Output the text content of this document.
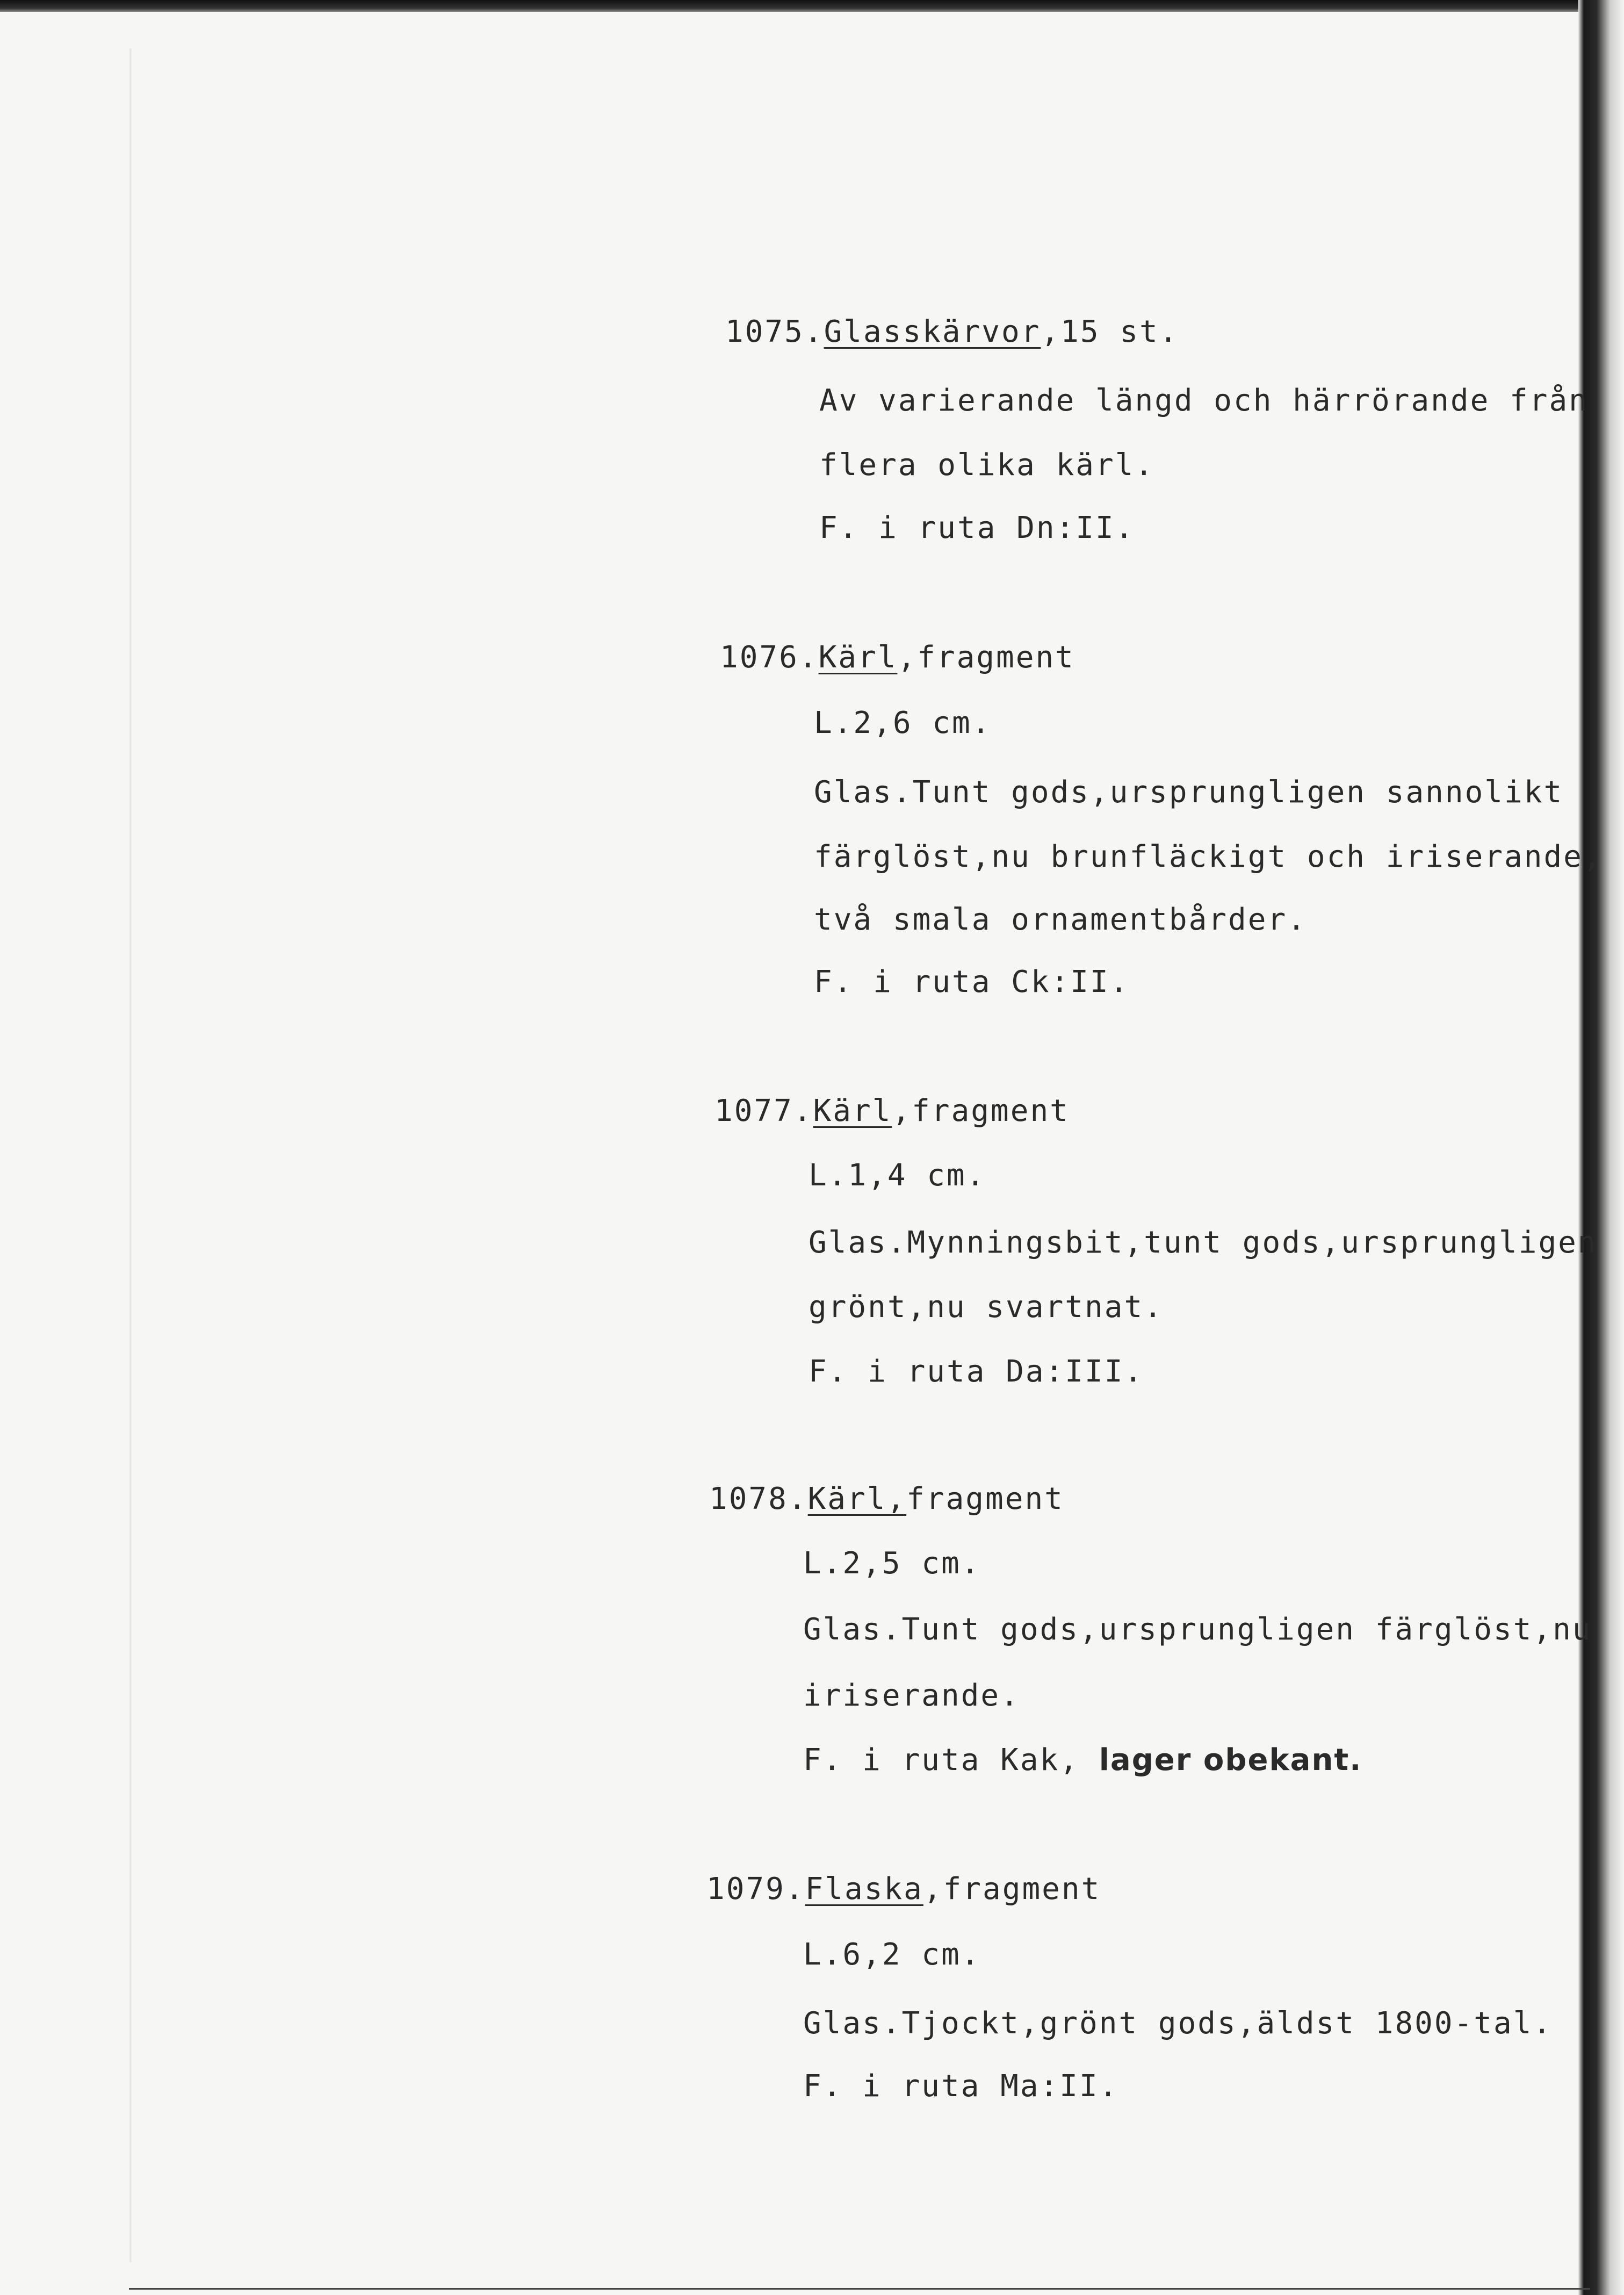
1075.Glasskärvor,15 st.
Av varierande längd och härrörande från
flera olika kärl.
F. i ruta Dn:II.
1076.Kärl,fragment
L.2,6 cm.
Glas.Tunt gods,ursprungligen sannolikt
färglöst,nu brunfläckigt och iriserande,
två smala ornamentbårder.
F. i ruta Ck:II.
1077.Kärl,fragment
L.1,4 cm.
Glas.Mynningsbit,tunt gods,ursprungligen
grönt,nu svartnat.
F. i ruta Da:III.
1078.Kärl,fragment
L.2,5 cm.
Glas.Tunt gods,ursprungligen färglöst,nu
iriserande.
F. i ruta Kak, lager obekant.
1079.Flaska,fragment
L.6,2 cm.
Glas.Tjockt,grönt gods,äldst 1800-tal.
F. i ruta Ma:II.
